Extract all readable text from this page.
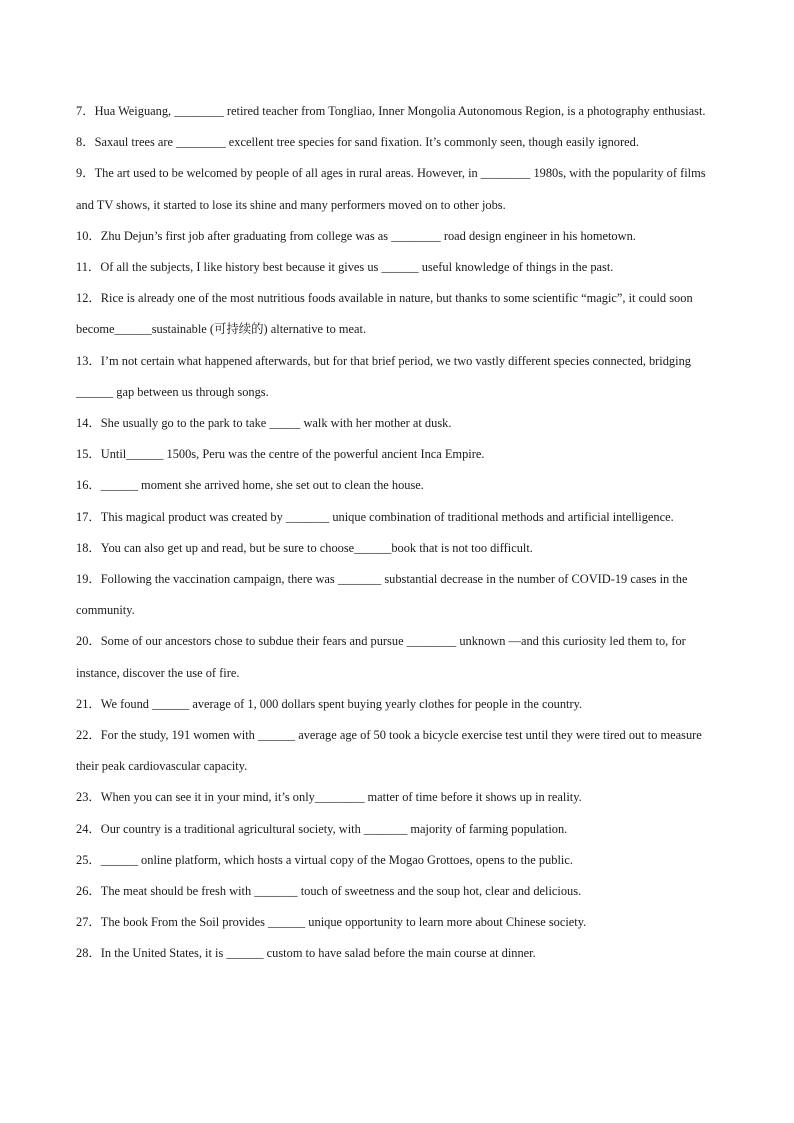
7．Hua Weiguang, ________ retired teacher from Tongliao, Inner Mongolia Autonomous Region, is a photography enthusiast.

8．Saxaul trees are ________ excellent tree species for sand fixation. It’s commonly seen, though easily ignored.

9．The art used to be welcomed by people of all ages in rural areas. However, in ________ 1980s, with the popularity of films and TV shows, it started to lose its shine and many performers moved on to other jobs.

10．Zhu Dejun’s first job after graduating from college was as ________ road design engineer in his hometown.

11．Of all the subjects, I like history best because it gives us ______ useful knowledge of things in the past.

12．Rice is already one of the most nutritious foods available in nature, but thanks to some scientific “magic”, it could soon become______sustainable (可持续的) alternative to meat.

13．I’m not certain what happened afterwards, but for that brief period, we two vastly different species connected, bridging ______ gap between us through songs.

14．She usually go to the park to take _____ walk with her mother at dusk.

15．Until______ 1500s, Peru was the centre of the powerful ancient Inca Empire.

16．______ moment she arrived home, she set out to clean the house.

17．This magical product was created by _______ unique combination of traditional methods and artificial intelligence.

18．You can also get up and read, but be sure to choose______book that is not too difficult.

19．Following the vaccination campaign, there was _______ substantial decrease in the number of COVID-19 cases in the community.

20．Some of our ancestors chose to subdue their fears and pursue ________ unknown —and this curiosity led them to, for instance, discover the use of fire.

21．We found ______ average of 1, 000 dollars spent buying yearly clothes for people in the country.

22．For the study, 191 women with ______ average age of 50 took a bicycle exercise test until they were tired out to measure their peak cardiovascular capacity.

23．When you can see it in your mind, it’s only________ matter of time before it shows up in reality.

24．Our country is a traditional agricultural society, with _______ majority of farming population.

25．______ online platform, which hosts a virtual copy of the Mogao Grottoes, opens to the public.

26．The meat should be fresh with _______ touch of sweetness and the soup hot, clear and delicious.

27．The book From the Soil provides ______ unique opportunity to learn more about Chinese society.

28．In the United States, it is ______ custom to have salad before the main course at dinner.
